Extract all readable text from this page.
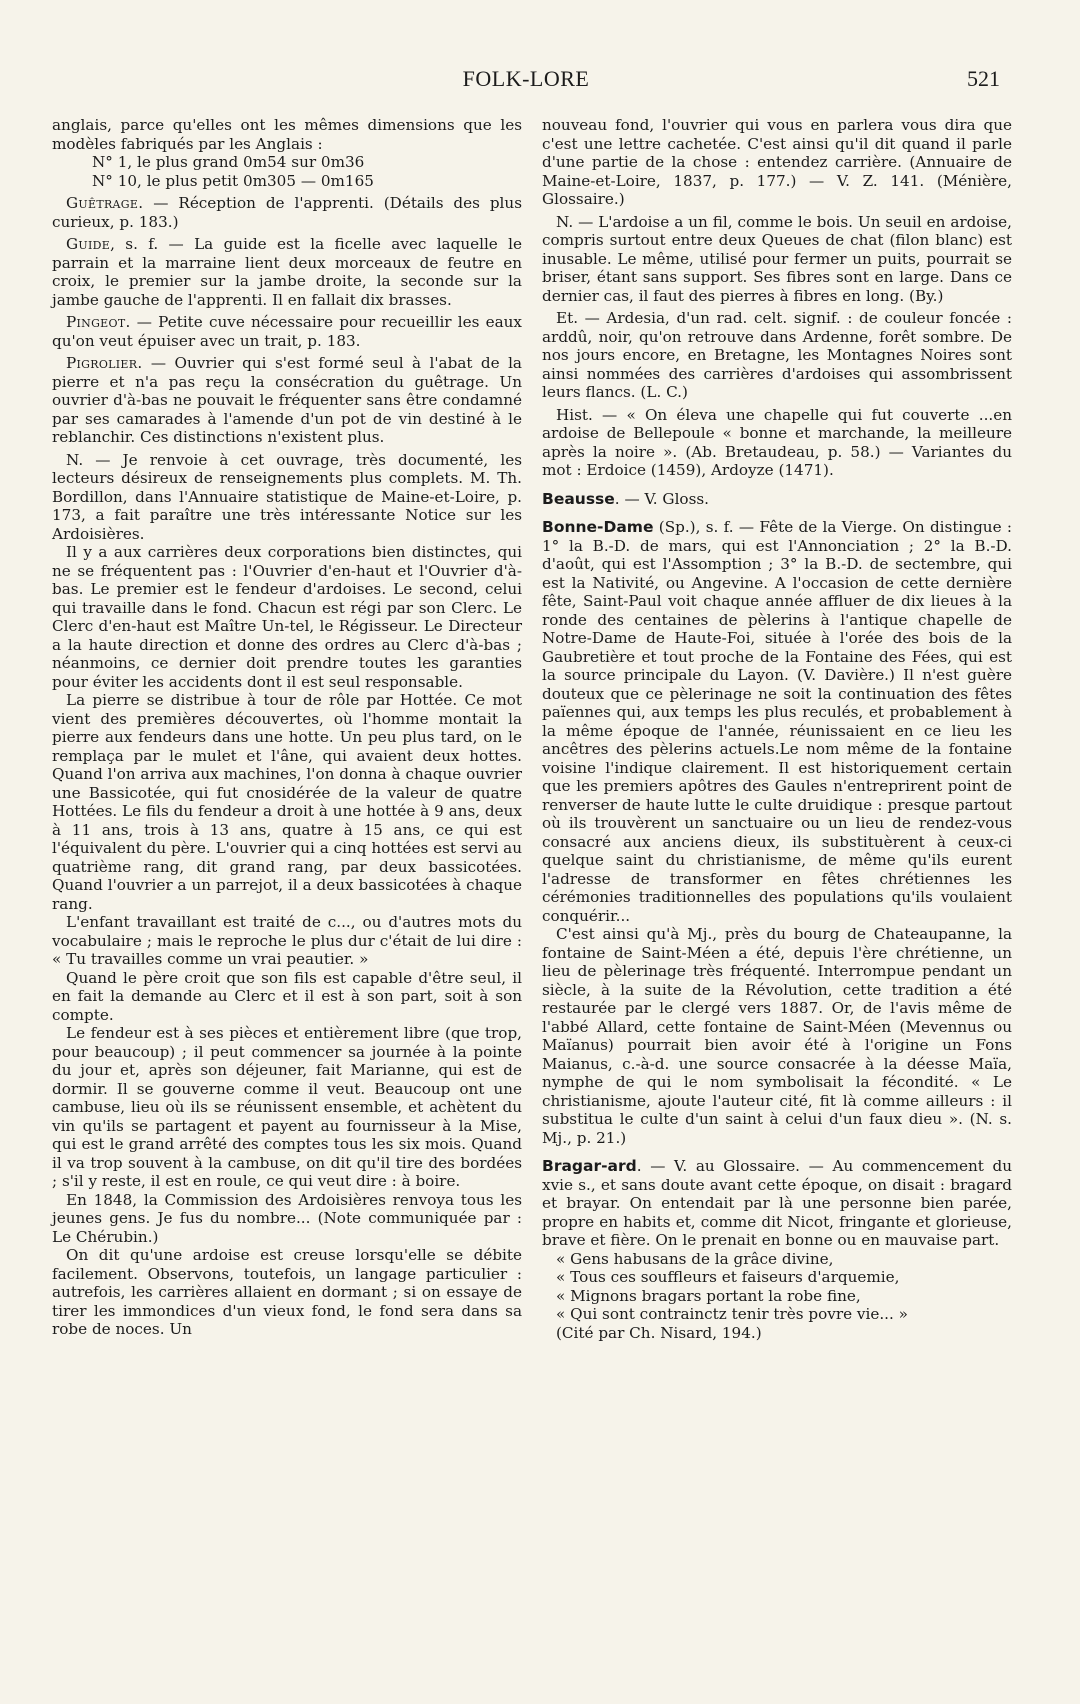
FOLK-LORE	521

anglais, parce qu'elles ont les mêmes dimensions que les modèles fabriqués par les Anglais :

N° 1, le plus grand 0m54 sur 0m36

N° 10, le plus petit 0m305 — 0m165

Guêtrage. — Réception de l'apprenti. (Détails des plus curieux, p. 183.)

Guide, s. f. — La guide est la ficelle avec laquelle le parrain et la marraine lient deux morceaux de feutre en croix, le premier sur la jambe droite, la seconde sur la jambe gauche de l'apprenti. Il en fallait dix brasses.

Pingeot. — Petite cuve nécessaire pour recueillir les eaux qu'on veut épuiser avec un trait, p. 183.

Pigrolier. — Ouvrier qui s'est formé seul à l'abat de la pierre et n'a pas reçu la consécration du guêtrage. Un ouvrier d'à-bas ne pouvait le fréquenter sans être condamné par ses camarades à l'amende d'un pot de vin destiné à le reblanchir. Ces distinctions n'existent plus.

N. — Je renvoie à cet ouvrage, très documenté, les lecteurs désireux de renseignements plus complets. M. Th. Bordillon, dans l'Annuaire statistique de Maine-et-Loire, p. 173, a fait paraître une très intéressante Notice sur les Ardoisières.

Il y a aux carrières deux corporations bien distinctes, qui ne se fréquentent pas : l'Ouvrier d'en-haut et l'Ouvrier d'à-bas. Le premier est le fendeur d'ardoises. Le second, celui qui travaille dans le fond. Chacun est régi par son Clerc. Le Clerc d'en-haut est Maître Un-tel, le Régisseur. Le Directeur a la haute direction et donne des ordres au Clerc d'à-bas ; néanmoins, ce dernier doit prendre toutes les garanties pour éviter les accidents dont il est seul responsable.

La pierre se distribue à tour de rôle par Hottée. Ce mot vient des premières découvertes, où l'homme montait la pierre aux fendeurs dans une hotte. Un peu plus tard, on le remplaça par le mulet et l'âne, qui avaient deux hottes. Quand l'on arriva aux machines, l'on donna à chaque ouvrier une Bassicotée, qui fut cnosidérée de la valeur de quatre Hottées. Le fils du fendeur a droit à une hottée à 9 ans, deux à 11 ans, trois à 13 ans, quatre à 15 ans, ce qui est l'équivalent du père. L'ouvrier qui a cinq hottées est servi au quatrième rang, dit grand rang, par deux bassicotées. Quand l'ouvrier a un parrejot, il a deux bassicotées à chaque rang.

L'enfant travaillant est traité de c..., ou d'autres mots du vocabulaire ; mais le reproche le plus dur c'était de lui dire : « Tu travailles comme un vrai peautier. »

Quand le père croit que son fils est capable d'être seul, il en fait la demande au Clerc et il est à son part, soit à son compte.

Le fendeur est à ses pièces et entièrement libre (que trop, pour beaucoup) ; il peut commencer sa journée à la pointe du jour et, après son déjeuner, fait Marianne, qui est de dormir. Il se gouverne comme il veut. Beaucoup ont une cambuse, lieu où ils se réunissent ensemble, et achètent du vin qu'ils se partagent et payent au fournisseur à la Mise, qui est le grand arrêté des comptes tous les six mois. Quand il va trop souvent à la cambuse, on dit qu'il tire des bordées ; s'il y reste, il est en roule, ce qui veut dire : à boire.

En 1848, la Commission des Ardoisières renvoya tous les jeunes gens. Je fus du nombre... (Note communiquée par : Le Chérubin.)

On dit qu'une ardoise est creuse lorsqu'elle se débite facilement. Observons, toutefois, un langage particulier : autrefois, les carrières allaient en dormant ; si on essaye de tirer les immondices d'un vieux fond, le fond sera dans sa robe de noces. Un

nouveau fond, l'ouvrier qui vous en parlera vous dira que c'est une lettre cachetée. C'est ainsi qu'il dit quand il parle d'une partie de la chose : entendez carrière. (Annuaire de Maine-et-Loire, 1837, p. 177.) — V. Z. 141. (Ménière, Glossaire.)

N. — L'ardoise a un fil, comme le bois. Un seuil en ardoise, compris surtout entre deux Queues de chat (filon blanc) est inusable. Le même, utilisé pour fermer un puits, pourrait se briser, étant sans support. Ses fibres sont en large. Dans ce dernier cas, il faut des pierres à fibres en long. (By.)

Et. — Ardesia, d'un rad. celt. signif. : de couleur foncée : arddû, noir, qu'on retrouve dans Ardenne, forêt sombre. De nos jours encore, en Bretagne, les Montagnes Noires sont ainsi nommées des carrières d'ardoises qui assombrissent leurs flancs. (L. C.)

Hist. — « On éleva une chapelle qui fut couverte ...en ardoise de Bellepoule « bonne et marchande, la meilleure après la noire ». (Ab. Bretaudeau, p. 58.) — Variantes du mot : Erdoice (1459), Ardoyze (1471).

Beausse. — V. Gloss.

Bonne-Dame (Sp.), s. f. — Fête de la Vierge. On distingue : 1° la B.-D. de mars, qui est l'Annonciation ; 2° la B.-D. d'août, qui est l'Assomption ; 3° la B.-D. de sectembre, qui est la Nativité, ou Angevine. A l'occasion de cette dernière fête, Saint-Paul voit chaque année affluer de dix lieues à la ronde des centaines de pèlerins à l'antique chapelle de Notre-Dame de Haute-Foi, située à l'orée des bois de la Gaubretière et tout proche de la Fontaine des Fées, qui est la source principale du Layon. (V. Davière.) Il n'est guère douteux que ce pèlerinage ne soit la continuation des fêtes païennes qui, aux temps les plus reculés, et probablement à la même époque de l'année, réunissaient en ce lieu les ancêtres des pèlerins actuels.Le nom même de la fontaine voisine l'indique clairement. Il est historiquement certain que les premiers apôtres des Gaules n'entreprirent point de renverser de haute lutte le culte druidique : presque partout où ils trouvèrent un sanctuaire ou un lieu de rendez-vous consacré aux anciens dieux, ils substituèrent à ceux-ci quelque saint du christianisme, de même qu'ils eurent l'adresse de transformer en fêtes chrétiennes les cérémonies traditionnelles des populations qu'ils voulaient conquérir...

C'est ainsi qu'à Mj., près du bourg de Chateaupanne, la fontaine de Saint-Méen a été, depuis l'ère chrétienne, un lieu de pèlerinage très fréquenté. Interrompue pendant un siècle, à la suite de la Révolution, cette tradition a été restaurée par le clergé vers 1887. Or, de l'avis même de l'abbé Allard, cette fontaine de Saint-Méen (Mevennus ou Maïanus) pourrait bien avoir été à l'origine un Fons Maianus, c.-à-d. une source consacrée à la déesse Maïa, nymphe de qui le nom symbolisait la fécondité. « Le christianisme, ajoute l'auteur cité, fit là comme ailleurs : il substitua le culte d'un saint à celui d'un faux dieu ». (N. s. Mj., p. 21.)

Bragar-ard. — V. au Glossaire. — Au commencement du xvie s., et sans doute avant cette époque, on disait : bragard et brayar. On entendait par là une personne bien parée, propre en habits et, comme dit Nicot, fringante et glorieuse, brave et fière. On le prenait en bonne ou en mauvaise part.

« Gens habusans de la grâce divine,

« Tous ces souffleurs et faiseurs d'arquemie,

« Mignons bragars portant la robe fine,

« Qui sont contrainctz tenir très povre vie... »

(Cité par Ch. Nisard, 194.)
